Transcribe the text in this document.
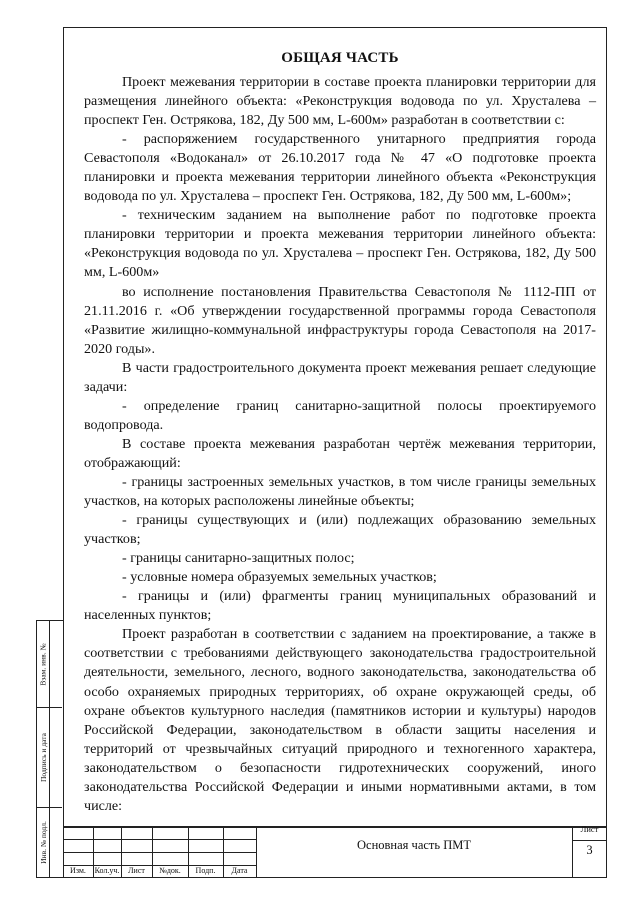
Взам. инв. №
Подпись и дата
Инв. № подл.
ОБЩАЯ ЧАСТЬ

Проект межевания территории в составе проекта планировки территории для размещения линейного объекта: «Реконструкция водовода по ул. Хрусталева – проспект Ген. Острякова, 182, Ду 500 мм, L-600м» разработан в соответствии с:

- распоряжением государственного унитарного предприятия города Севастополя «Водоканал» от 26.10.2017 года № 47 «О подготовке проекта планировки и проекта межевания территории линейного объекта «Реконструкция водовода по ул. Хрусталева – проспект Ген. Острякова, 182, Ду 500 мм, L-600м»;

- техническим заданием на выполнение работ по подготовке проекта планировки территории и проекта межевания территории линейного объекта: «Реконструкция водовода по ул. Хрусталева – проспект Ген. Острякова, 182, Ду 500 мм, L-600м»

во исполнение постановления Правительства Севастополя № 1112-ПП от 21.11.2016 г. «Об утверждении государственной программы города Севастополя «Развитие жилищно-коммунальной инфраструктуры города Севастополя на 2017-2020 годы».

В части градостроительного документа проект межевания решает следующие задачи:

- определение границ санитарно-защитной полосы проектируемого водопровода.

В составе проекта межевания разработан чертёж межевания территории, отображающий:

- границы застроенных земельных участков, в том числе границы земельных участков, на которых расположены линейные объекты;

- границы существующих и (или) подлежащих образованию земельных участков;

- границы санитарно-защитных полос;

- условные номера образуемых земельных участков;

- границы и (или) фрагменты границ муниципальных образований и населенных пунктов;

Проект разработан в соответствии с заданием на проектирование, а также в соответствии с требованиями действующего законодательства градостроительной деятельности, земельного, лесного, водного законодательства, законодательства об особо охраняемых природных территориях, об охране окружающей среды, об охране объектов культурного наследия (памятников истории и культуры) народов Российской Федерации, законодательством в области защиты населения и территорий от чрезвычайных ситуаций природного и техногенного характера, законодательством о безопасности гидротехнических сооружений, иного законодательства Российской Федерации и иными нормативными актами, в том числе:

Изм.	Кол.уч.	Лист	№док.	Подп.	Дата
Основная часть ПМТ
Лист
3
